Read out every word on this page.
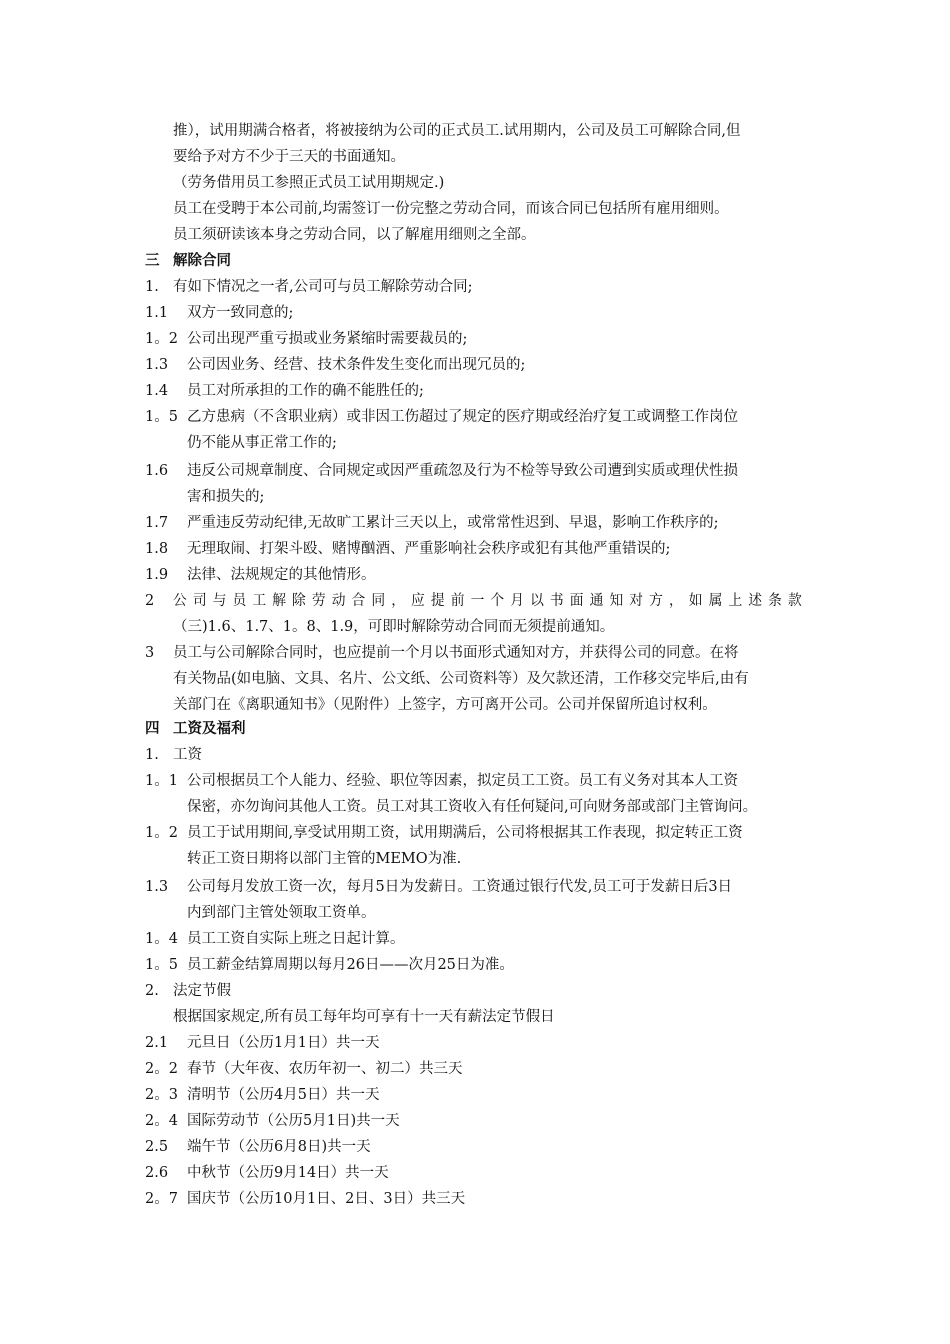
推），试用期满合格者，将被接纳为公司的正式员工.试用期内，公司及员工可解除合同,但
要给予对方不少于三天的书面通知。
（劳务借用员工参照正式员工试用期规定.)
员工在受聘于本公司前,均需签订一份完整之劳动合同，而该合同已包括所有雇用细则。
员工须研读该本身之劳动合同，以了解雇用细则之全部。
三 解除合同
1. 有如下情况之一者,公司可与员工解除劳动合同;
1.1 双方一致同意的;
1。2 公司出现严重亏损或业务紧缩时需要裁员的;
1.3 公司因业务、经营、技术条件发生变化而出现冗员的;
1.4 员工对所承担的工作的确不能胜任的;
1。5 乙方患病（不含职业病）或非因工伤超过了规定的医疗期或经治疗复工或调整工作岗位
仍不能从事正常工作的;
1.6 违反公司规章制度、合同规定或因严重疏忽及行为不检等导致公司遭到实质或理伏性损
害和损失的;
1.7 严重违反劳动纪律,无故旷工累计三天以上，或常常性迟到、早退，影响工作秩序的;
1.8 无理取闹、打架斗殴、赌博酗酒、严重影响社会秩序或犯有其他严重错误的;
1.9 法律、法规规定的其他情形。
2 公司与员工解除劳动合同，应提前一个月以书面通知对方，如属上述条款
（三)1.6、1.7、1。8、1.9，可即时解除劳动合同而无须提前通知。
3 员工与公司解除合同时，也应提前一个月以书面形式通知对方，并获得公司的同意。在将
有关物品(如电脑、文具、名片、公文纸、公司资料等）及欠款还清，工作移交完毕后,由有
关部门在《离职通知书》（见附件）上签字，方可离开公司。公司并保留所追讨权利。
四 工资及福利
1. 工资
1。1 公司根据员工个人能力、经验、职位等因素，拟定员工工资。员工有义务对其本人工资
保密，亦勿询问其他人工资。员工对其工资收入有任何疑问,可向财务部或部门主管询问。
1。2 员工于试用期间,享受试用期工资，试用期满后，公司将根据其工作表现，拟定转正工资
转正工资日期将以部门主管的MEMO为准.
1.3 公司每月发放工资一次，每月5日为发薪日。工资通过银行代发,员工可于发薪日后3日
内到部门主管处领取工资单。
1。4 员工工资自实际上班之日起计算。
1。5 员工薪金结算周期以每月26日——次月25日为准。
2. 法定节假
根据国家规定,所有员工每年均可享有十一天有薪法定节假日
2.1 元旦日（公历1月1日）共一天
2。2 春节（大年夜、农历年初一、初二）共三天
2。3 清明节（公历4月5日）共一天
2。4 国际劳动节（公历5月1日)共一天
2.5 端午节（公历6月8日)共一天
2.6 中秋节（公历9月14日）共一天
2。7 国庆节（公历10月1日、2日、3日）共三天
